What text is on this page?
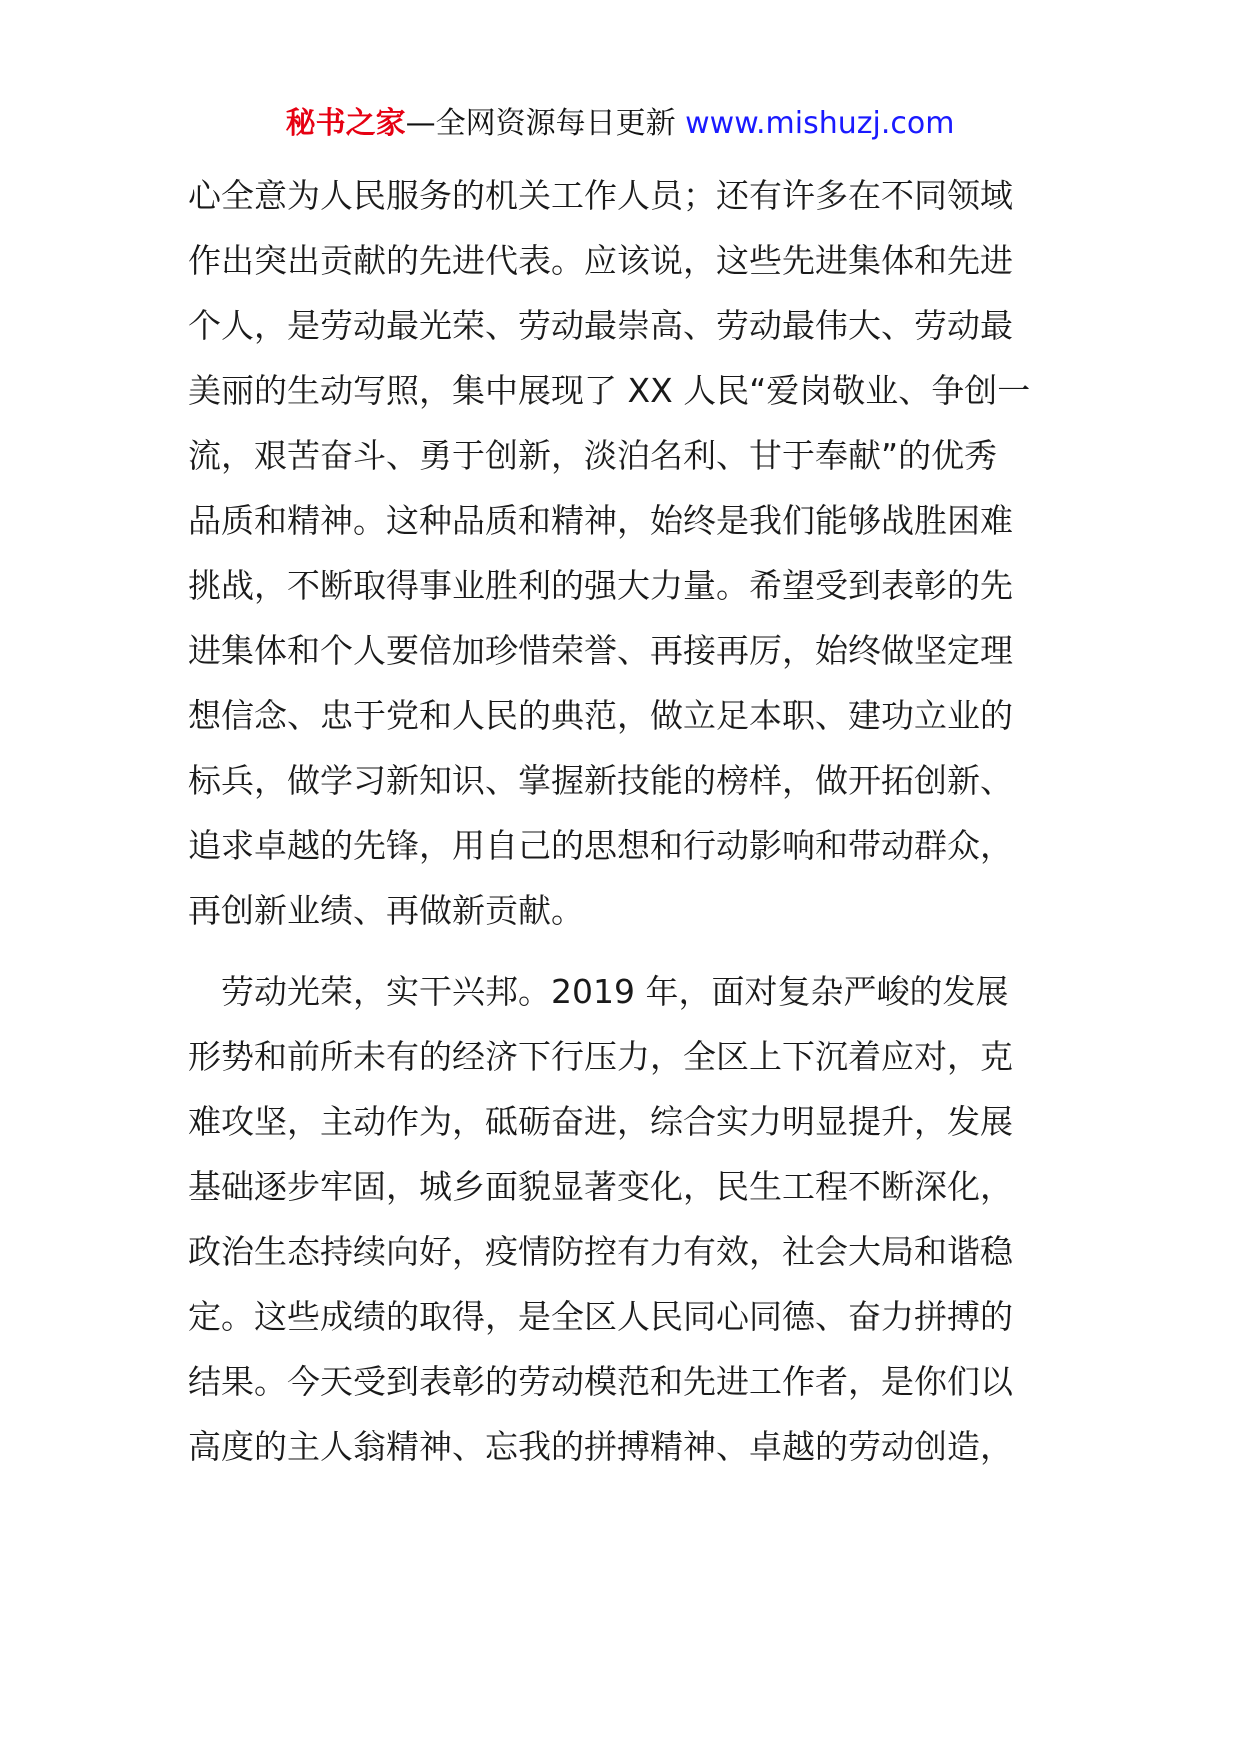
秘书之家—全网资源每日更新 www.mishuzj.com
心全意为人民服务的机关工作人员；还有许多在不同领域
作出突出贡献的先进代表。应该说，这些先进集体和先进
个人，是劳动最光荣、劳动最崇高、劳动最伟大、劳动最
美丽的生动写照，集中展现了 XX 人民“爱岗敬业、争创一
流，艰苦奋斗、勇于创新，淡泊名利、甘于奉献”的优秀
品质和精神。这种品质和精神，始终是我们能够战胜困难
挑战，不断取得事业胜利的强大力量。希望受到表彰的先
进集体和个人要倍加珍惜荣誉、再接再厉，始终做坚定理
想信念、忠于党和人民的典范，做立足本职、建功立业的
标兵，做学习新知识、掌握新技能的榜样，做开拓创新、
追求卓越的先锋，用自己的思想和行动影响和带动群众，
再创新业绩、再做新贡献。
　劳动光荣，实干兴邦。2019 年，面对复杂严峻的发展
形势和前所未有的经济下行压力，全区上下沉着应对，克
难攻坚，主动作为，砥砺奋进，综合实力明显提升，发展
基础逐步牢固，城乡面貌显著变化，民生工程不断深化，
政治生态持续向好，疫情防控有力有效，社会大局和谐稳
定。这些成绩的取得，是全区人民同心同德、奋力拼搏的
结果。今天受到表彰的劳动模范和先进工作者，是你们以
高度的主人翁精神、忘我的拼搏精神、卓越的劳动创造，
